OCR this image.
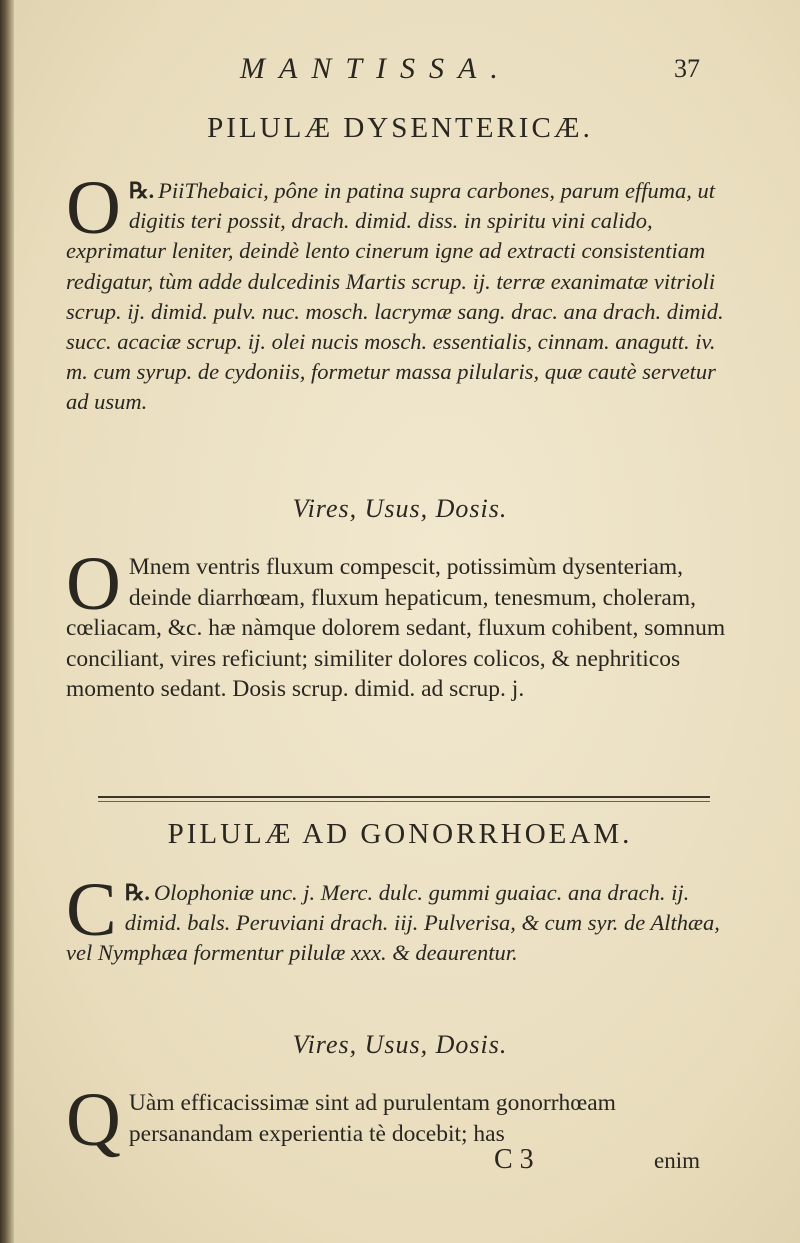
MANTISSA.	37
PILULÆ DYSENTERICÆ.

℞.
O PiiThebaici, pône in patina supra carbones, parum effuma, ut digitis teri possit, drach. dimid. diss. in spiritu vini calido, exprimatur leniter, deindè lento cinerum igne ad extracti consistentiam redigatur, tùm adde dulcedinis Martis scrup. ij. terræ exanimatæ vitrioli scrup. ij. dimid. pulv. nuc. mosch. lacrymæ sang. drac. ana drach. dimid. succ. acaciæ scrup. ij. olei nucis mosch. essentialis, cinnam. anagutt. iv. m. cum syrup. de cydoniis, formetur massa pilularis, quæ cautè servetur ad usum.

Vires, Usus, Dosis.

O Mnem ventris fluxum compescit, potissimùm dysenteriam, deinde diarrhœam, fluxum hepaticum, tenesmum, choleram, cœliacam, &c. hæ nàmque dolorem sedant, fluxum cohibent, somnum conciliant, vires reficiunt; similiter dolores colicos, & nephriticos momento sedant. Dosis scrup. dimid. ad scrup. j.

PILULÆ AD GONORRHOEAM.

℞.
C Olophoniæ unc. j. Merc. dulc. gummi guaiac. ana drach. ij. dimid. bals. Peruviani drach. iij. Pulverisa, & cum syr. de Althæa, vel Nymphæa formentur pilulæ xxx. & deaurentur.

Vires, Usus, Dosis.

Q Uàm efficacissimæ sint ad purulentam gonorrhœam persanandam experientia tè docebit; has

C 3	enim
